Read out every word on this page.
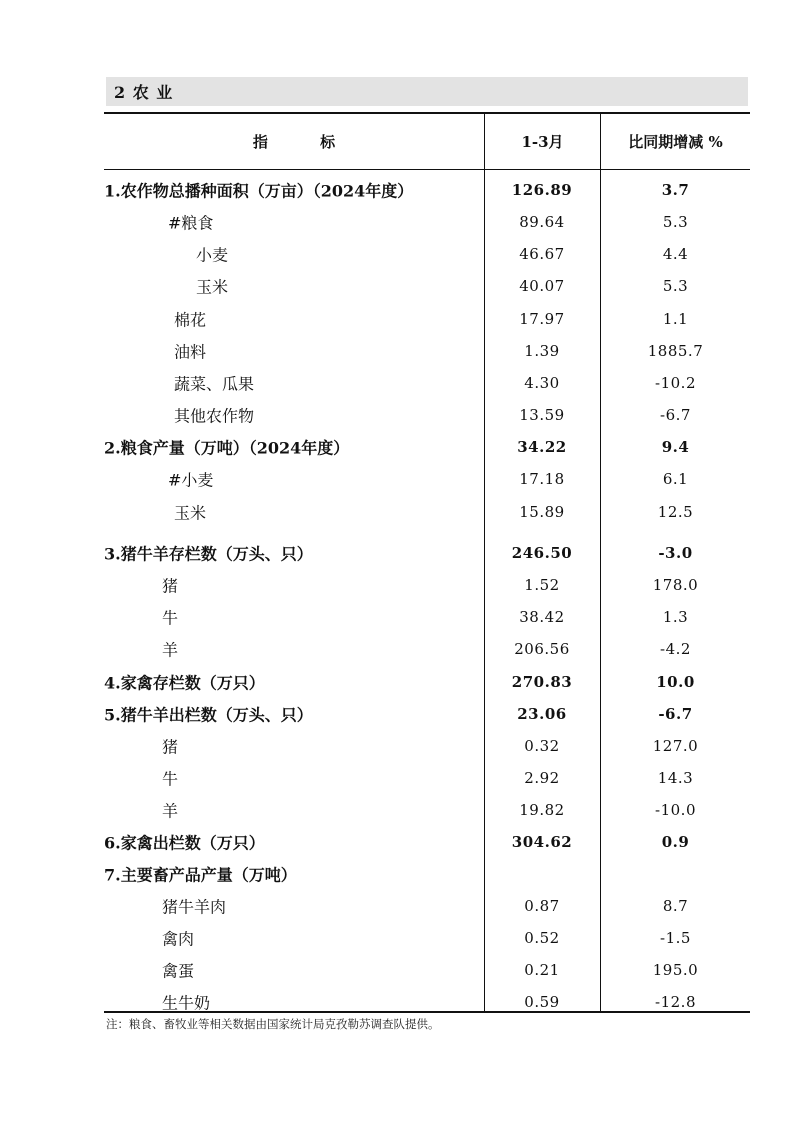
2 农 业
指          标	1-3月	比同期增减 %
1.农作物总播种面积（万亩）（2024年度）	126.89	3.7
#粮食	89.64	5.3
小麦	46.67	4.4
玉米	40.07	5.3
棉花	17.97	1.1
油料	1.39	1885.7
蔬菜、瓜果	4.30	-10.2
其他农作物	13.59	-6.7
2.粮食产量（万吨）（2024年度）	34.22	9.4
#小麦	17.18	6.1
玉米	15.89	12.5
3.猪牛羊存栏数（万头、只）	246.50	-3.0
猪	1.52	178.0
牛	38.42	1.3
羊	206.56	-4.2
4.家禽存栏数（万只）	270.83	10.0
5.猪牛羊出栏数（万头、只）	23.06	-6.7
猪	0.32	127.0
牛	2.92	14.3
羊	19.82	-10.0
6.家禽出栏数（万只）	304.62	0.9
7.主要畜产品产量（万吨）
猪牛羊肉	0.87	8.7
禽肉	0.52	-1.5
禽蛋	0.21	195.0
生牛奶	0.59	-12.8
注：粮食、畜牧业等相关数据由国家统计局克孜勒苏调查队提供。
